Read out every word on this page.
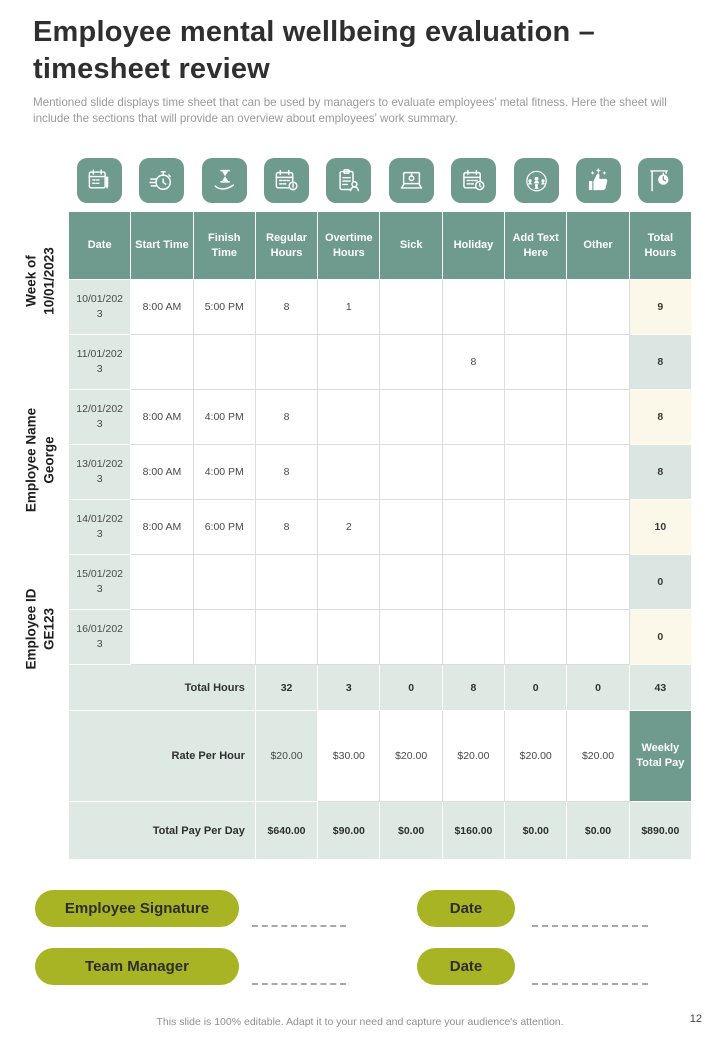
Employee mental wellbeing evaluation – timesheet review
Mentioned slide displays time sheet that can be used by managers to evaluate employees' metal fitness. Here the sheet will include the sections that will provide an overview about employees' work summary.
Week of 10/01/2023
Employee Name George
Employee ID GE123
Date	Start Time	Finish Time	Regular Hours	Overtime Hours	Sick	Holiday	Add Text Here	Other	Total Hours
10/01/2023	8:00 AM	5:00 PM	8	1					9
11/01/2023						8			8
12/01/2023	8:00 AM	4:00 PM	8						8
13/01/2023	8:00 AM	4:00 PM	8						8
14/01/2023	8:00 AM	6:00 PM	8	2					10
15/01/2023									0
16/01/2023									0
Total Hours			32	3	0	8	0	0	43
Rate Per Hour			$20.00	$30.00	$20.00	$20.00	$20.00	$20.00	Weekly Total Pay
Total Pay Per Day			$640.00	$90.00	$0.00	$160.00	$0.00	$0.00	$890.00
Employee Signature	Date
Team Manager	Date
This slide is 100% editable. Adapt it to your need and capture your audience's attention.	12
